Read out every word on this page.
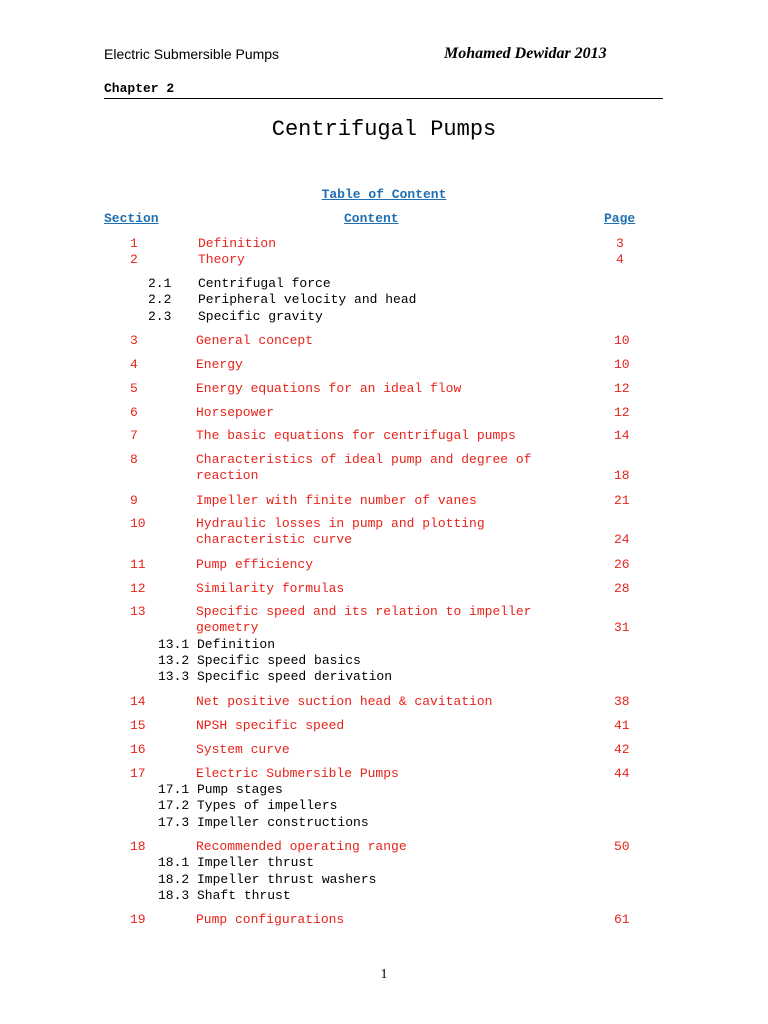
Electric Submersible Pumps	Mohamed Dewidar 2013
Chapter 2
Centrifugal Pumps
Table of Content
Section	Content	Page
1	Definition	3
2	Theory	4
2.1 Centrifugal force
2.2 Peripheral velocity and head
2.3 Specific gravity
3	General concept	10
4	Energy	10
5	Energy equations for an ideal flow	12
6	Horsepower	12
7	The basic equations for centrifugal pumps	14
8	Characteristics of ideal pump and degree of
reaction	18
9	Impeller with finite number of vanes	21
10	Hydraulic losses in pump and plotting
characteristic curve	24
11	Pump efficiency	26
12	Similarity formulas	28
13	Specific speed and its relation to impeller
geometry	31
13.1 Definition
13.2 Specific speed basics
13.3 Specific speed derivation
14	Net positive suction head & cavitation	38
15	NPSH specific speed	41
16	System curve	42
17	Electric Submersible Pumps	44
17.1 Pump stages
17.2 Types of impellers
17.3 Impeller constructions
18	Recommended operating range	50
18.1 Impeller thrust
18.2 Impeller thrust washers
18.3 Shaft thrust
19	Pump configurations	61
1
